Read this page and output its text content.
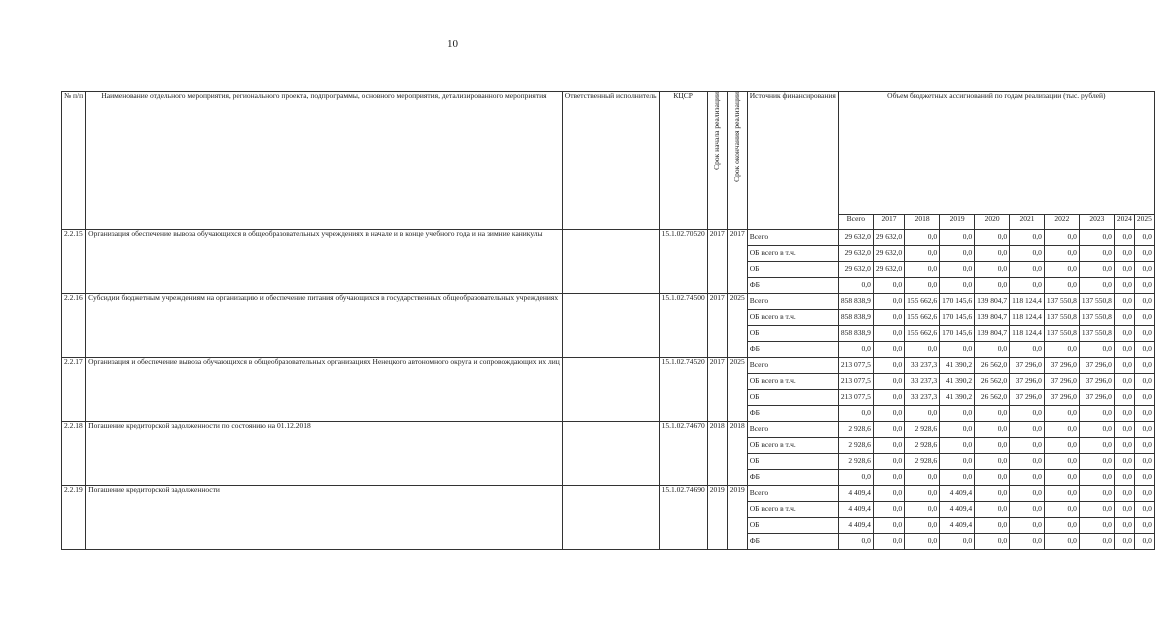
10
№ п/п	Наименование отдельного мероприятия, регионального проекта, подпрограммы, основного мероприятия, детализированного мероприятия	Ответственный исполнитель	КЦСР	Срок начала реализации	Срок окончания реализации	Источник финансирования	Объем бюджетных ассигнований по годам реализации (тыс. рублей)									
							Всего	2017	2018	2019	2020	2021	2022	2023	2024	2025
2.2.15	Организация обеспечение вывоза обучающихся в общеобразовательных учреждениях в начале и в конце учебного года и на зимние каникулы		15.1.02.70520	2017	2017	Всего	29 632,0	29 632,0	0,0	0,0	0,0	0,0	0,0	0,0	0,0	0,0
						ОБ всего в т.ч.	29 632,0	29 632,0	0,0	0,0	0,0	0,0	0,0	0,0	0,0	0,0
						ОБ	29 632,0	29 632,0	0,0	0,0	0,0	0,0	0,0	0,0	0,0	0,0
						ФБ	0,0	0,0	0,0	0,0	0,0	0,0	0,0	0,0	0,0	0,0
2.2.16	Субсидии бюджетным учреждениям на организацию и обеспечение питания обучающихся в государственных общеобразовательных учреждениях		15.1.02.74500	2017	2025	Всего	858 838,9	0,0	155 662,6	170 145,6	139 804,7	118 124,4	137 550,8	137 550,8	0,0	0,0
						ОБ всего в т.ч.	858 838,9	0,0	155 662,6	170 145,6	139 804,7	118 124,4	137 550,8	137 550,8	0,0	0,0
						ОБ	858 838,9	0,0	155 662,6	170 145,6	139 804,7	118 124,4	137 550,8	137 550,8	0,0	0,0
						ФБ	0,0	0,0	0,0	0,0	0,0	0,0	0,0	0,0	0,0	0,0
2.2.17	Организация и обеспечение вывоза обучающихся в общеобразовательных организациях Ненецкого автономного округа и сопровождающих их лиц		15.1.02.74520	2017	2025	Всего	213 077,5	0,0	33 237,3	41 390,2	26 562,0	37 296,0	37 296,0	37 296,0	0,0	0,0
						ОБ всего в т.ч.	213 077,5	0,0	33 237,3	41 390,2	26 562,0	37 296,0	37 296,0	37 296,0	0,0	0,0
						ОБ	213 077,5	0,0	33 237,3	41 390,2	26 562,0	37 296,0	37 296,0	37 296,0	0,0	0,0
						ФБ	0,0	0,0	0,0	0,0	0,0	0,0	0,0	0,0	0,0	0,0
2.2.18	Погашение кредиторской задолженности по состоянию на 01.12.2018		15.1.02.74670	2018	2018	Всего	2 928,6	0,0	2 928,6	0,0	0,0	0,0	0,0	0,0	0,0	0,0
						ОБ всего в т.ч.	2 928,6	0,0	2 928,6	0,0	0,0	0,0	0,0	0,0	0,0	0,0
						ОБ	2 928,6	0,0	2 928,6	0,0	0,0	0,0	0,0	0,0	0,0	0,0
						ФБ	0,0	0,0	0,0	0,0	0,0	0,0	0,0	0,0	0,0	0,0
2.2.19	Погашение кредиторской задолженности		15.1.02.74690	2019	2019	Всего	4 409,4	0,0	0,0	4 409,4	0,0	0,0	0,0	0,0	0,0	0,0
						ОБ всего в т.ч.	4 409,4	0,0	0,0	4 409,4	0,0	0,0	0,0	0,0	0,0	0,0
						ОБ	4 409,4	0,0	0,0	4 409,4	0,0	0,0	0,0	0,0	0,0	0,0
						ФБ	0,0	0,0	0,0	0,0	0,0	0,0	0,0	0,0	0,0	0,0
